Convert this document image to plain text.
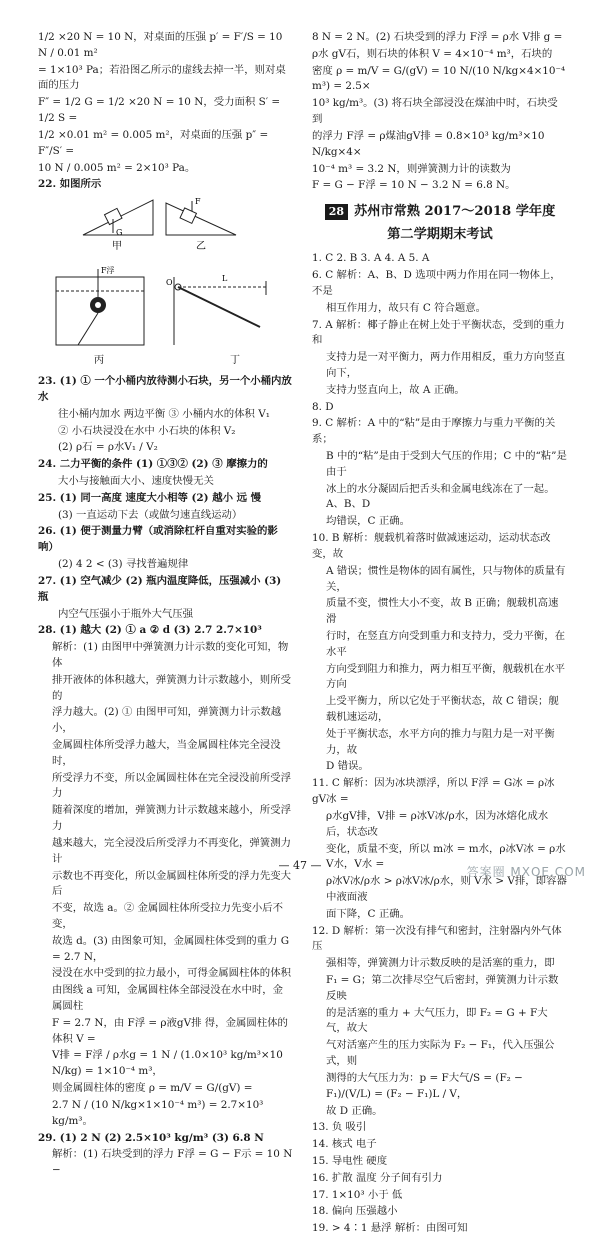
1/2 ×20 N = 10 N，对桌面的压强 p′ = F′/S = 10 N / 0.01 m²

= 1×10³ Pa；若沿图乙所示的虚线去掉一半，则对桌面的压力

F″ = 1/2 G = 1/2 ×20 N = 10 N，受力面积 S′ = 1/2 S =

1/2 ×0.01 m² = 0.005 m²，对桌面的压强 p″ = F″/S′ =

10 N / 0.005 m² = 2×10³ Pa。

22. 如图所示

G
甲
F
乙
F浮
丙
O	L
丁

23. (1) ① 一个小桶内放待测小石块，另一个小桶内放水

往小桶内加水 两边平衡 ③ 小桶内水的体积 V₁

② 小石块浸没在水中 小石块的体积 V₂

(2) ρ石 = ρ水V₁ / V₂

24. 二力平衡的条件 (1) ①③② (2) ③ 摩擦力的

大小与接触面大小、速度快慢无关

25. (1) 同一高度 速度大小相等 (2) 越小 远 慢

(3) 一直运动下去（或做匀速直线运动）

26. (1) 便于测量力臂（或消除杠杆自重对实验的影响）

(2) 4 2 < (3) 寻找普遍规律

27. (1) 空气减少 (2) 瓶内温度降低，压强减小 (3) 瓶

内空气压强小于瓶外大气压强

28. (1) 越大 (2) ① a ② d (3) 2.7 2.7×10³

解析：(1) 由图甲中弹簧测力计示数的变化可知，物体

排开液体的体积越大，弹簧测力计示数越小，则所受的

浮力越大。(2) ① 由图甲可知，弹簧测力计示数越小，

金属圆柱体所受浮力越大，当金属圆柱体完全浸没时，

所受浮力不变，所以金属圆柱体在完全浸没前所受浮力

随着深度的增加，弹簧测力计示数越来越小，所受浮力

越来越大，完全浸没后所受浮力不再变化，弹簧测力计

示数也不再变化，所以金属圆柱体所受的浮力先变大后

不变，故选 a。② 金属圆柱体所受拉力先变小后不变，

故选 d。(3) 由图象可知，金属圆柱体受到的重力 G = 2.7 N，

浸没在水中受到的拉力最小，可得金属圆柱体的体积

由图线 a 可知，金属圆柱体全部浸没在水中时，金属圆柱

F = 2.7 N，由 F浮 = ρ液gV排 得，金属圆柱体的体积 V =

V排 = F浮 / ρ水g = 1 N / (1.0×10³ kg/m³×10 N/kg) = 1×10⁻⁴ m³，

则金属圆柱体的密度 ρ = m/V = G/(gV) =

2.7 N / (10 N/kg×1×10⁻⁴ m³) = 2.7×10³ kg/m³。

29. (1) 2 N (2) 2.5×10³ kg/m³ (3) 6.8 N

解析：(1) 石块受到的浮力 F浮 = G − F示 = 10 N −

8 N = 2 N。(2) 石块受到的浮力 F浮 = ρ水 V排 g =

ρ水 gV石，则石块的体积 V = 4×10⁻⁴ m³，石块的

密度 ρ = m/V = G/(gV) = 10 N/(10 N/kg×4×10⁻⁴ m³) = 2.5×

10³ kg/m³。(3) 将石块全部浸没在煤油中时，石块受到

的浮力 F浮 = ρ煤油gV排 = 0.8×10³ kg/m³×10 N/kg×4×

10⁻⁴ m³ = 3.2 N，则弹簧测力计的读数为

F = G − F浮 = 10 N − 3.2 N = 6.8 N。

28 苏州市常熟 2017～2018 学年度
第二学期期末考试

1. C 2. B 3. A 4. A 5. A

6. C 解析：A、B、D 选项中两力作用在同一物体上，不是

相互作用力，故只有 C 符合题意。

7. A 解析：椰子静止在树上处于平衡状态，受到的重力和

支持力是一对平衡力，两力作用相反，重力方向竖直向下，

支持力竖直向上，故 A 正确。

8. D

9. C 解析：A 中的“粘”是由于摩擦力与重力平衡的关系；

B 中的“粘”是由于受到大气压的作用；C 中的“粘”是由于

冰上的水分凝固后把舌头和金属电线冻在了一起。A、B、D

均错误，C 正确。

10. B 解析：舰载机着落时做减速运动，运动状态改变，故

A 错误；惯性是物体的固有属性，只与物体的质量有关，

质量不变，惯性大小不变，故 B 正确；舰载机高速滑

行时，在竖直方向受到重力和支持力，受力平衡，在水平

方向受到阻力和推力，两力相互平衡，舰载机在水平方向

上受平衡力，所以它处于平衡状态，故 C 错误；舰载机速运动，

处于平衡状态，水平方向的推力与阻力是一对平衡力，故

D 错误。

11. C 解析：因为冰块漂浮，所以 F浮 = G冰 = ρ冰gV冰 =

ρ水gV排，V排 = ρ冰V冰/ρ水，因为冰熔化成水后，状态改

变化，质量不变，所以 m冰 = m水，ρ冰V冰 = ρ水V水，V水 =

ρ冰V冰/ρ水 > ρ冰V冰/ρ水，则 V水 > V排，即容器中液面液

面下降，C 正确。

12. D 解析：第一次没有排气和密封，注射器内外气体压

强相等，弹簧测力计示数反映的是活塞的重力，即

F₁ = G；第二次排尽空气后密封，弹簧测力计示数反映

的是活塞的重力 + 大气压力，即 F₂ = G + F大气，故大

气对活塞产生的压力实际为 F₂ − F₁，代入压强公式，则

测得的大气压力为：p = F大气/S = (F₂ − F₁)/(V/L) = (F₂ − F₁)L / V，

故 D 正确。

13. 负 吸引

14. 核式 电子

15. 导电性 硬度

16. 扩散 温度 分子间有引力

17. 1×10³ 小于 低

18. 偏向 压强越小

19. > 4∶1 悬浮 解析：由图可知

— 47 —	答案圈 MXQE.COM
